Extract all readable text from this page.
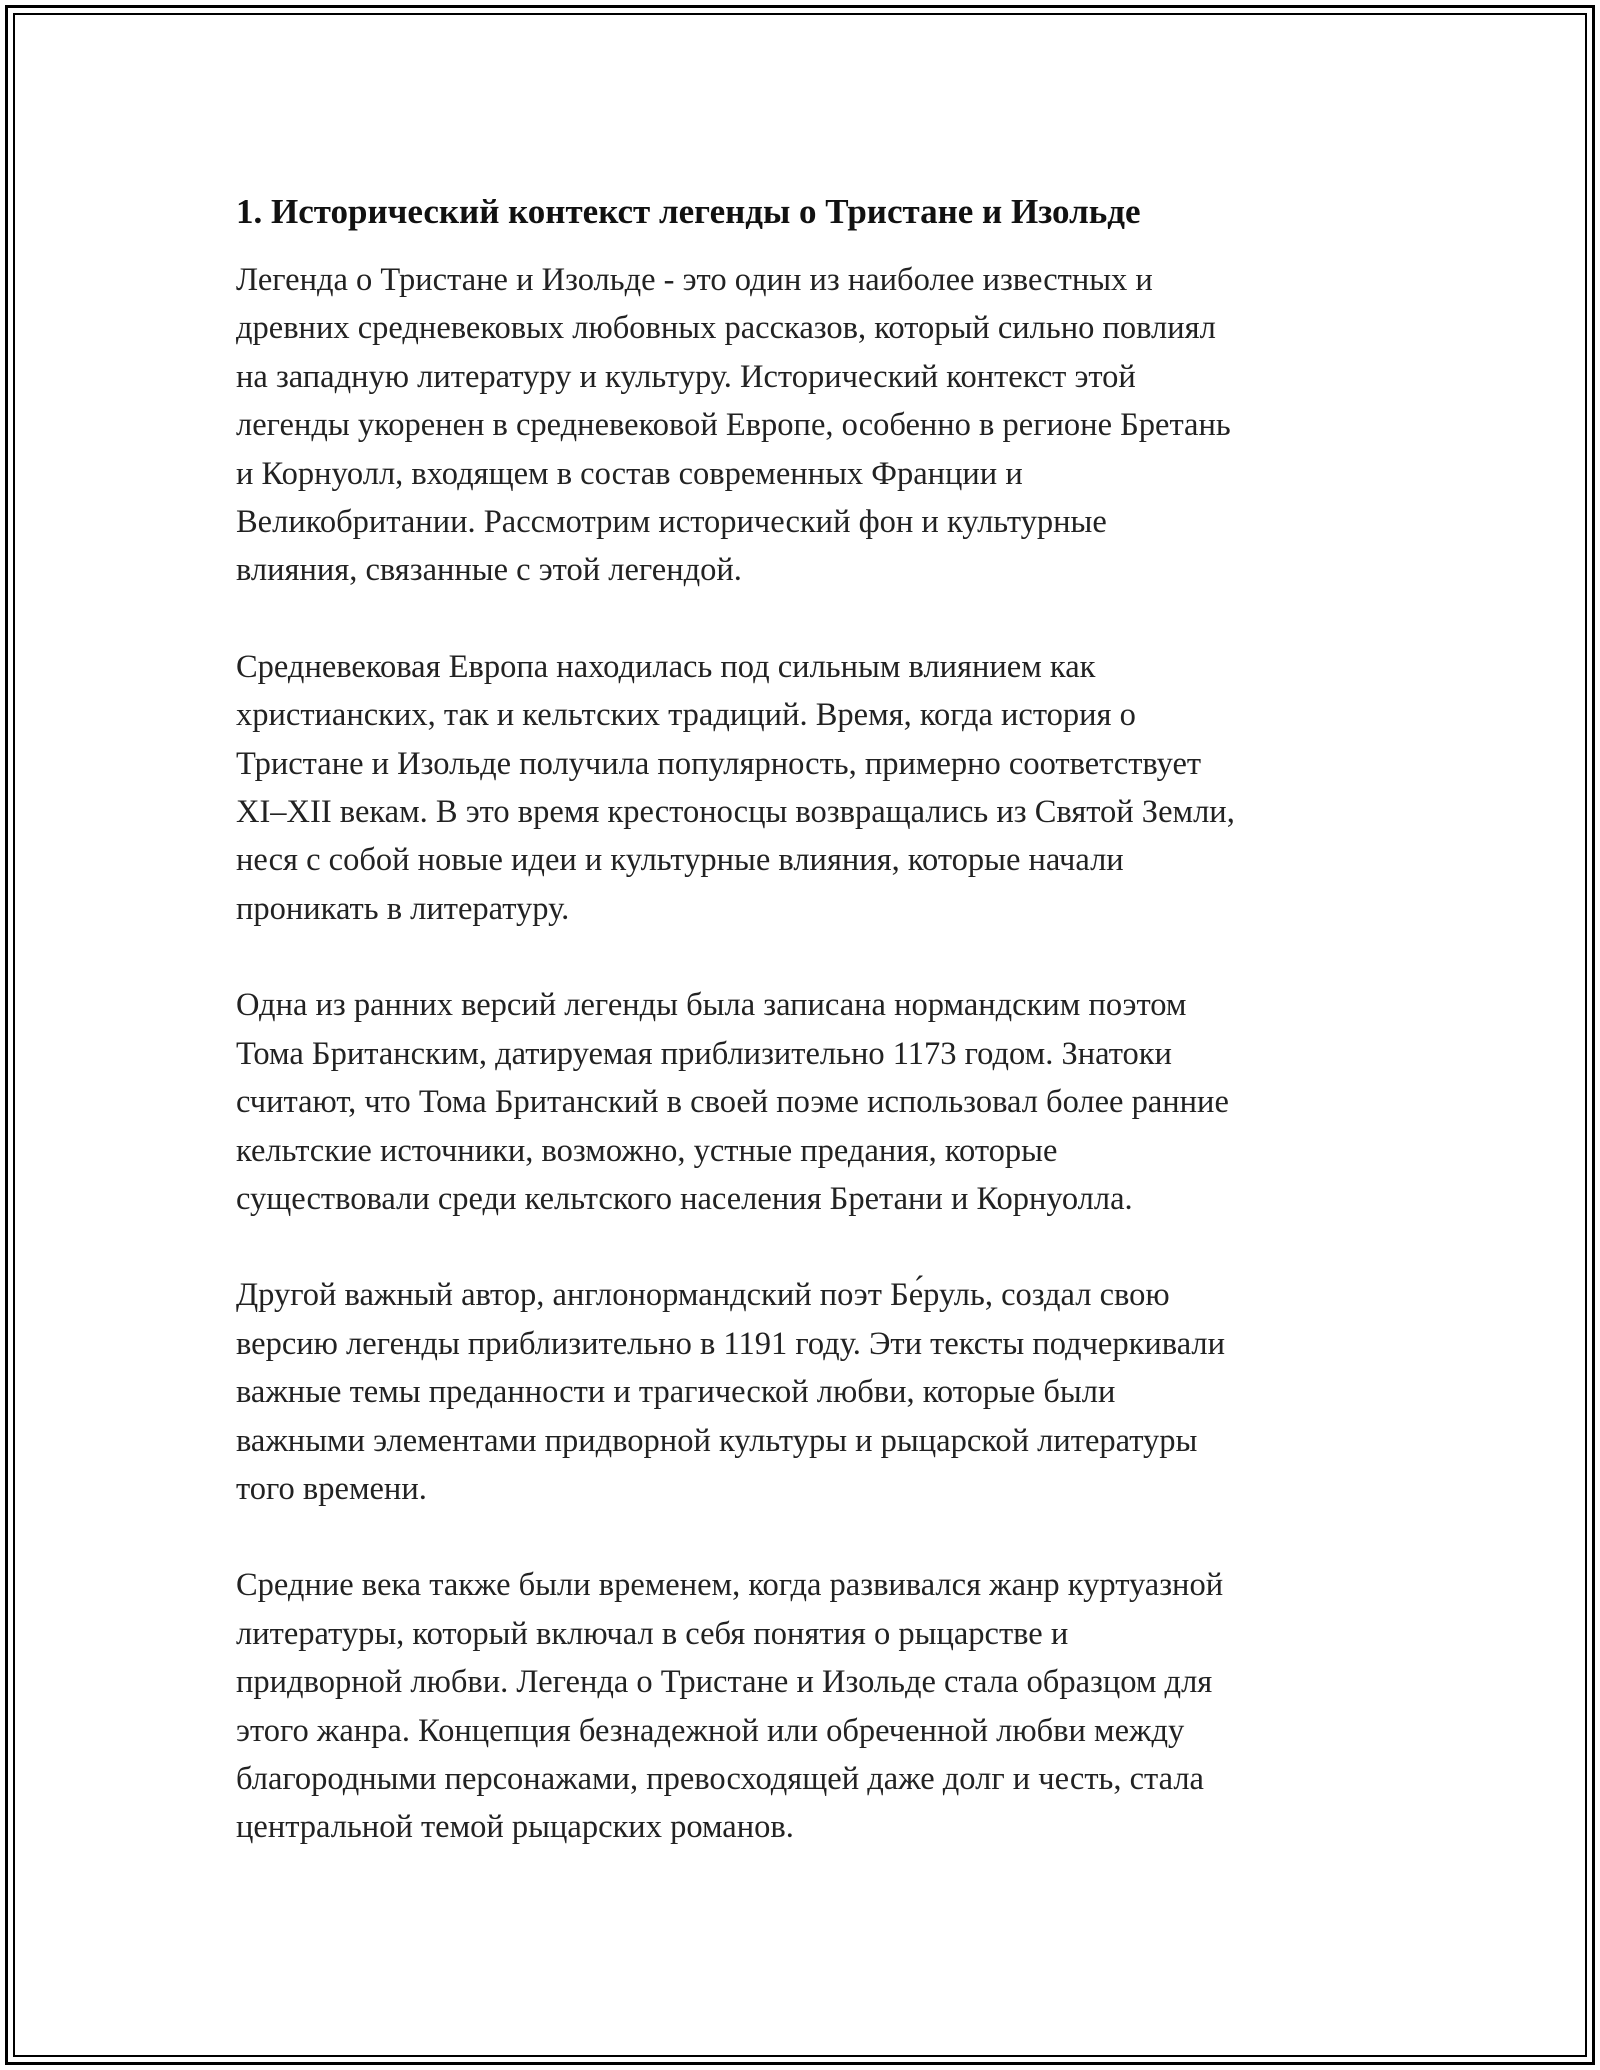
1. Исторический контекст легенды о Тристане и Изольде

Легенда о Тристане и Изольде - это один из наиболее известных и
древних средневековых любовных рассказов, который сильно повлиял
на западную литературу и культуру. Исторический контекст этой
легенды укоренен в средневековой Европе, особенно в регионе Бретань
и Корнуолл, входящем в состав современных Франции и
Великобритании. Рассмотрим исторический фон и культурные
влияния, связанные с этой легендой.

Средневековая Европа находилась под сильным влиянием как
христианских, так и кельтских традиций. Время, когда история о
Тристане и Изольде получила популярность, примерно соответствует
XI–XII векам. В это время крестоносцы возвращались из Святой Земли,
неся с собой новые идеи и культурные влияния, которые начали
проникать в литературу.

Одна из ранних версий легенды была записана нормандским поэтом
Тома Британским, датируемая приблизительно 1173 годом. Знатоки
считают, что Тома Британский в своей поэме использовал более ранние
кельтские источники, возможно, устные предания, которые
существовали среди кельтского населения Бретани и Корнуолла.

Другой важный автор, англонормандский поэт Бе́руль, создал свою
версию легенды приблизительно в 1191 году. Эти тексты подчеркивали
важные темы преданности и трагической любви, которые были
важными элементами придворной культуры и рыцарской литературы
того времени.

Средние века также были временем, когда развивался жанр куртуазной
литературы, который включал в себя понятия о рыцарстве и
придворной любви. Легенда о Тристане и Изольде стала образцом для
этого жанра. Концепция безнадежной или обреченной любви между
благородными персонажами, превосходящей даже долг и честь, стала
центральной темой рыцарских романов.
